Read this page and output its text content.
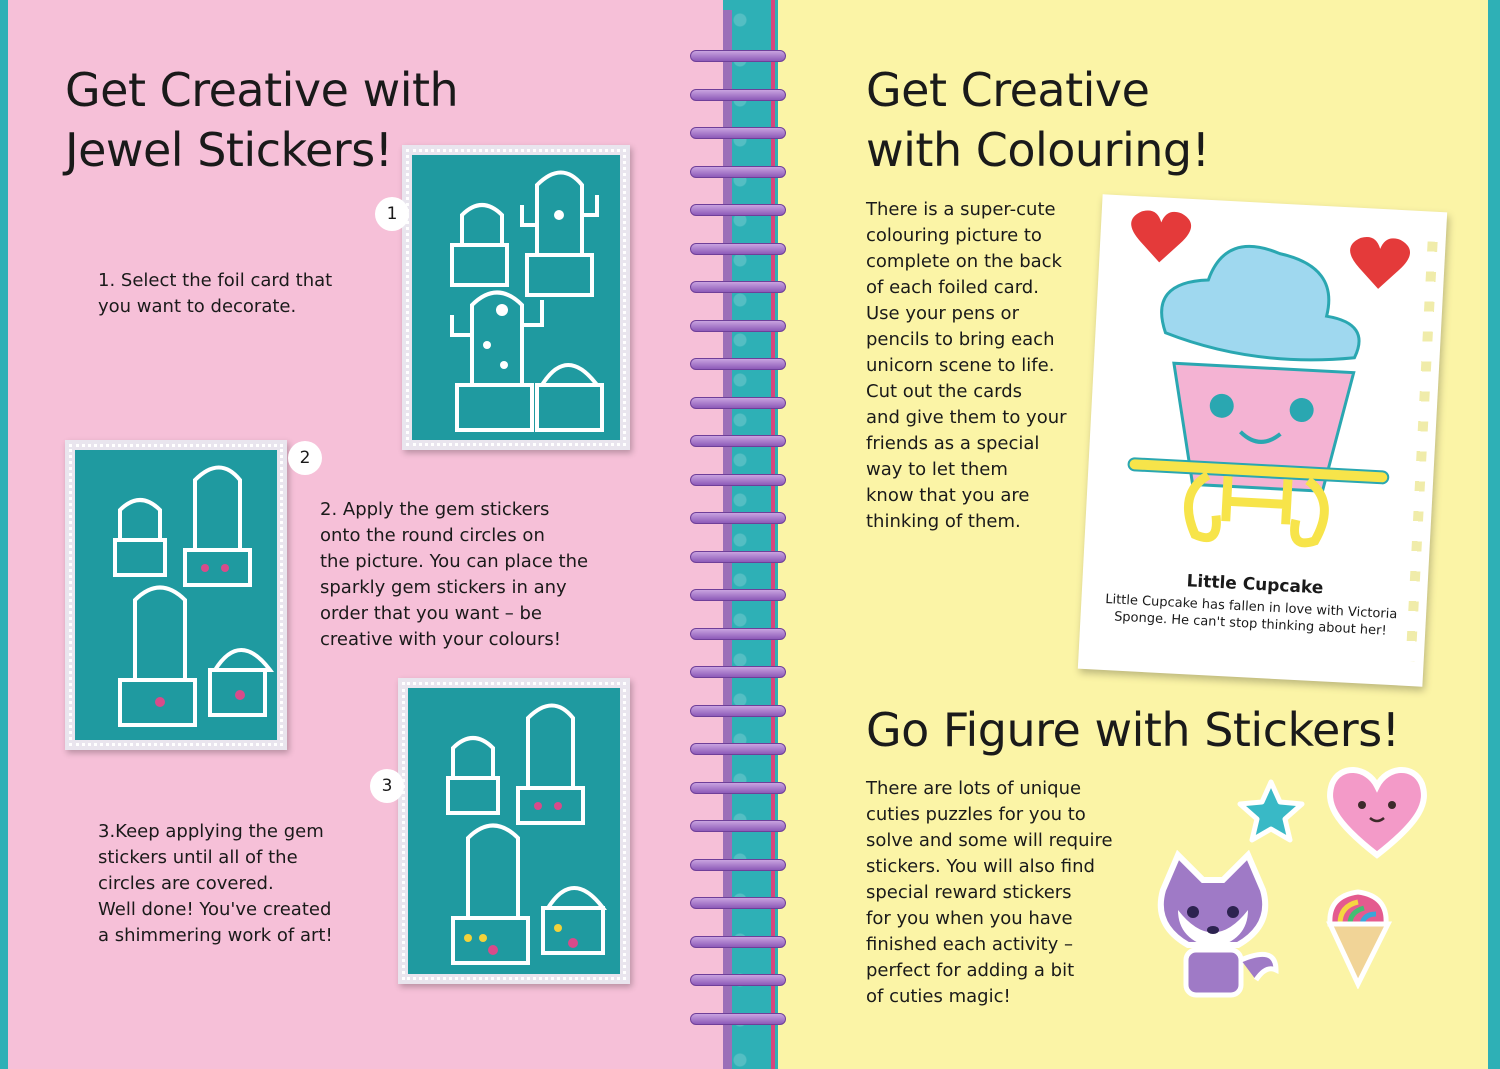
Get Creative with
Jewel Stickers!
1
1. Select the foil card that
you want to decorate.
2
2. Apply the gem stickers
onto the round circles on
the picture. You can place the
sparkly gem stickers in any
order that you want – be
creative with your colours!
3
3.Keep applying the gem
stickers until all of the
circles are covered.
Well done! You've created
a shimmering work of art!
Get Creative
with Colouring!
There is a super-cute
colouring picture to
complete on the back
of each foiled card.
Use your pens or
pencils to bring each
unicorn scene to life.
Cut out the cards
and give them to your
friends as a special
way to let them
know that you are
thinking of them.
Little Cupcake
Little Cupcake has fallen in love with Victoria Sponge. He can't stop thinking about her!
Go Figure with Stickers!
There are lots of unique
cuties puzzles for you to
solve and some will require
stickers. You will also find
special reward stickers
for you when you have
finished each activity –
perfect for adding a bit
of cuties magic!
